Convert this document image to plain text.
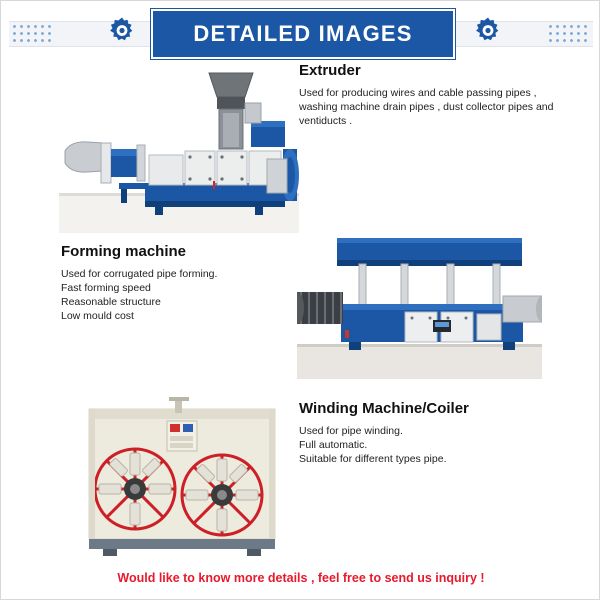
DETAILED IMAGES
Extruder

Used for producing wires and cable passing pipes ,

washing machine drain pipes , dust collector pipes and

ventiducts .

Forming machine

Used for corrugated pipe forming.

Fast forming speed

Reasonable structure

Low mould cost

Winding Machine/Coiler

Used for pipe winding.

Full automatic.

Suitable for different types pipe.

Would like to know more details , feel free to send us inquiry !
